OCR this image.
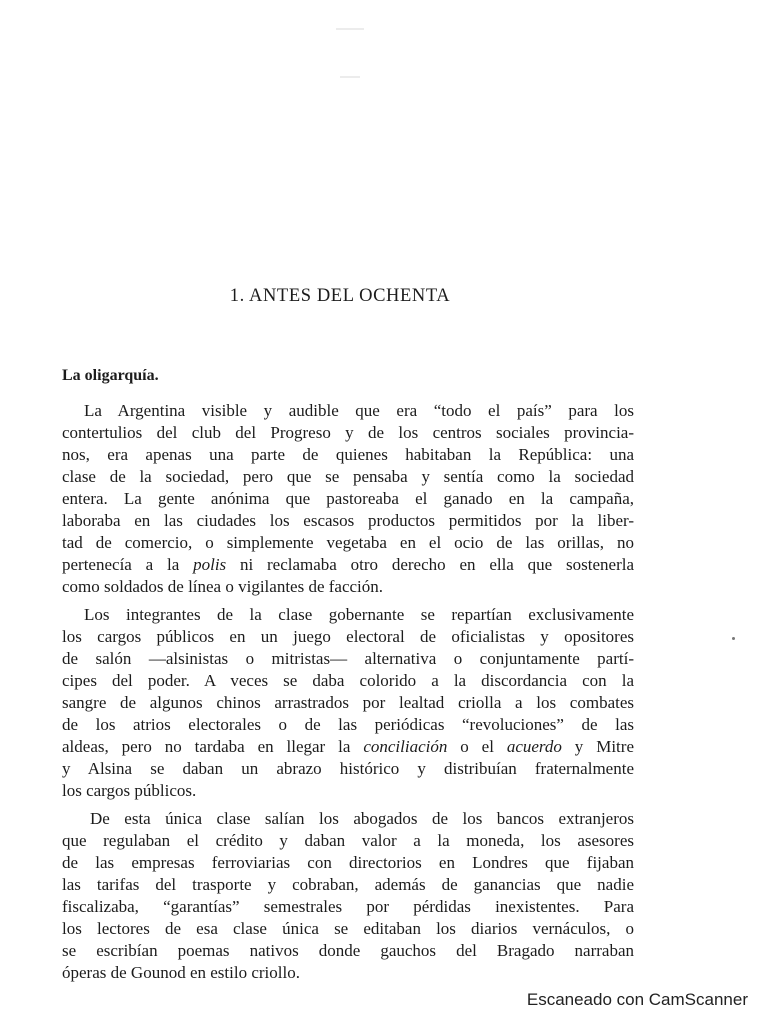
1. ANTES DEL OCHENTA
La oligarquía.
La Argentina visible y audible que era “todo el país” para los
contertulios del club del Progreso y de los centros sociales provincia-
nos, era apenas una parte de quienes habitaban la República: una
clase de la sociedad, pero que se pensaba y sentía como la sociedad
entera. La gente anónima que pastoreaba el ganado en la campaña,
laboraba en las ciudades los escasos productos permitidos por la liber-
tad de comercio, o simplemente vegetaba en el ocio de las orillas, no
pertenecía a la polis ni reclamaba otro derecho en ella que sostenerla
como soldados de línea o vigilantes de facción.
Los integrantes de la clase gobernante se repartían exclusivamente
los cargos públicos en un juego electoral de oficialistas y opositores
de salón —alsinistas o mitristas— alternativa o conjuntamente partí-
cipes del poder. A veces se daba colorido a la discordancia con la
sangre de algunos chinos arrastrados por lealtad criolla a los combates
de los atrios electorales o de las periódicas “revoluciones” de las
aldeas, pero no tardaba en llegar la conciliación o el acuerdo y Mitre
y Alsina se daban un abrazo histórico y distribuían fraternalmente
los cargos públicos.
De esta única clase salían los abogados de los bancos extranjeros
que regulaban el crédito y daban valor a la moneda, los asesores
de las empresas ferroviarias con directorios en Londres que fijaban
las tarifas del trasporte y cobraban, además de ganancias que nadie
fiscalizaba, “garantías” semestrales por pérdidas inexistentes. Para
los lectores de esa clase única se editaban los diarios vernáculos, o
se escribían poemas nativos donde gauchos del Bragado narraban
óperas de Gounod en estilo criollo.
Escaneado con CamScanner
